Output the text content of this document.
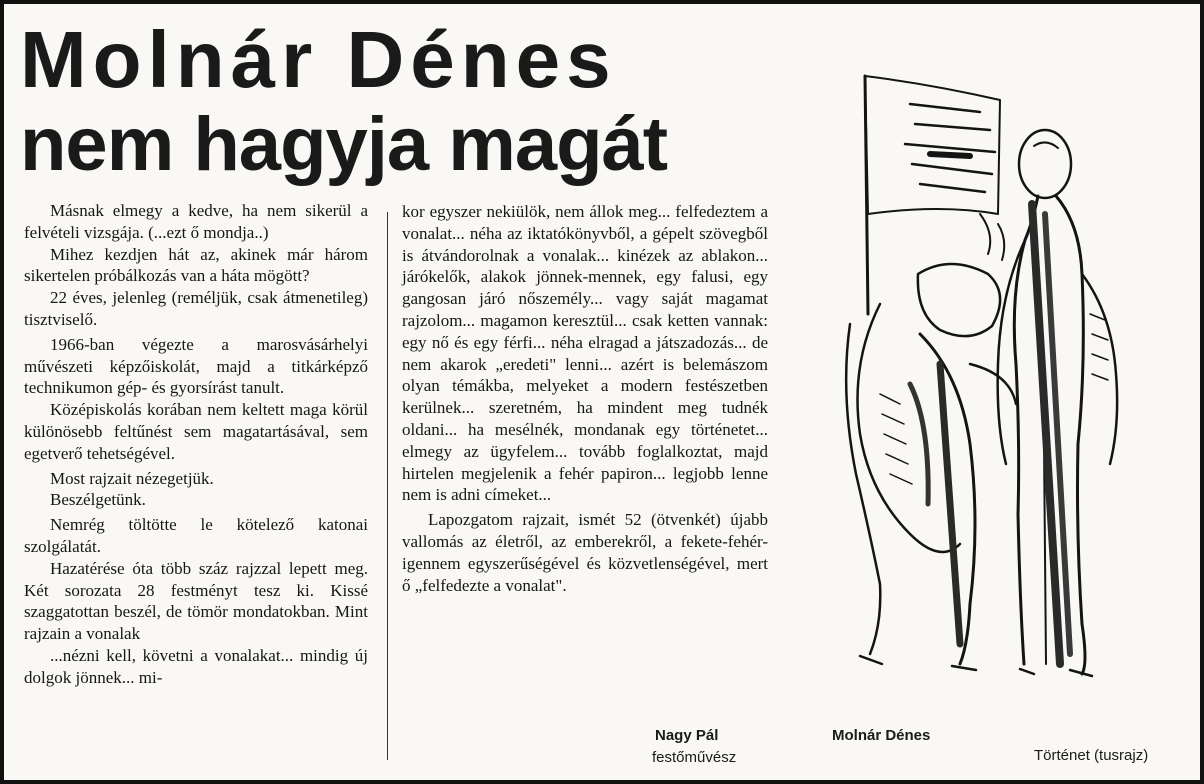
Molnár Dénes
nem hagyja magát

Másnak elmegy a kedve, ha nem sikerül a felvételi vizsgája. (...ezt ő mondja..)

Mihez kezdjen hát az, akinek már három sikertelen próbálkozás van a háta mögött?

22 éves, jelenleg (reméljük, csak átmenetileg) tisztviselő.

1966-ban végezte a marosvásárhelyi művészeti képzőiskolát, majd a titkárképző technikumon gép- és gyorsírást tanult.

Középiskolás korában nem keltett maga körül különösebb feltűnést sem magatartásával, sem egetverő tehetségével.

Most rajzait nézegetjük.

Beszélgetünk.

Nemrég töltötte le kötelező katonai szolgálatát.

Hazatérése óta több száz rajzzal lepett meg. Két sorozata 28 festményt tesz ki. Kissé szaggatottan beszél, de tömör mondatokban. Mint rajzain a vonalak

...nézni kell, követni a vonalakat... mindig új dolgok jönnek... mi-

kor egyszer nekiülök, nem állok meg... felfedeztem a vonalat... néha az iktatókönyvből, a gépelt szövegből is átvándorolnak a vonalak... kinézek az ablakon... járókelők, alakok jönnek-mennek, egy falusi, egy gangosan járó nőszemély... vagy saját magamat rajzolom... magamon keresztül... csak ketten vannak: egy nő és egy férfi... néha elragad a játszadozás... de nem akarok „eredeti" lenni... azért is belemászom olyan témákba, melyeket a modern festészetben kerülnek... szeretném, ha mindent meg tudnék oldani... ha mesélnék, mondanak egy történetet... elmegy az ügyfelem... tovább foglalkoztat, majd hirtelen megjelenik a fehér papiron... legjobb lenne nem is adni címeket...

Lapozgatom rajzait, ismét 52 (ötvenkét) újabb vallomás az életről, az emberekről, a fekete-fehér-igennem egyszerűségével és közvetlenségével, mert ő „felfedezte a vonalat".

Nagy Pál
festőművész
Molnár Dénes
Történet (tusrajz)
